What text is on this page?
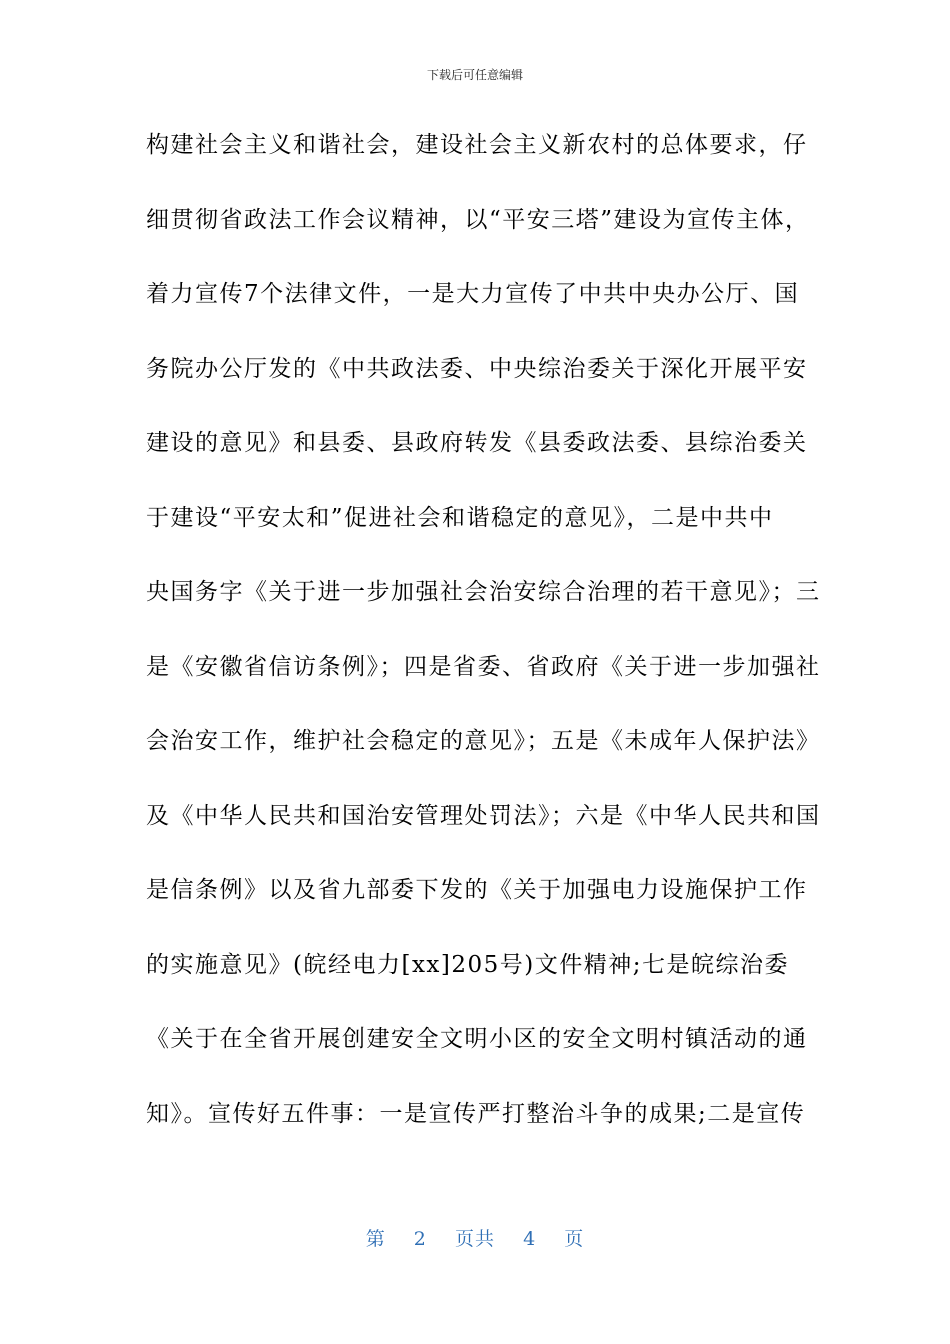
下载后可任意编辑
构建社会主义和谐社会，建设社会主义新农村的总体要求，仔
细贯彻省政法工作会议精神，以“平安三塔”建设为宣传主体，
着力宣传7个法律文件，一是大力宣传了中共中央办公厅、国
务院办公厅发的《中共政法委、中央综治委关于深化开展平安
建设的意见》和县委、县政府转发《县委政法委、县综治委关
于建设“平安太和”促进社会和谐稳定的意见》，二是中共中
央国务字《关于进一步加强社会治安综合治理的若干意见》；三
是《安徽省信访条例》；四是省委、省政府《关于进一步加强社
会治安工作，维护社会稳定的意见》；五是《未成年人保护法》
及《中华人民共和国治安管理处罚法》；六是《中华人民共和国
是信条例》以及省九部委下发的《关于加强电力设施保护工作
的实施意见》(皖经电力[xx]205号)文件精神;七是皖综治委
《关于在全省开展创建安全文明小区的安全文明村镇活动的通
知》。宣传好五件事：一是宣传严打整治斗争的成果;二是宣传
第 2 页共 4 页
